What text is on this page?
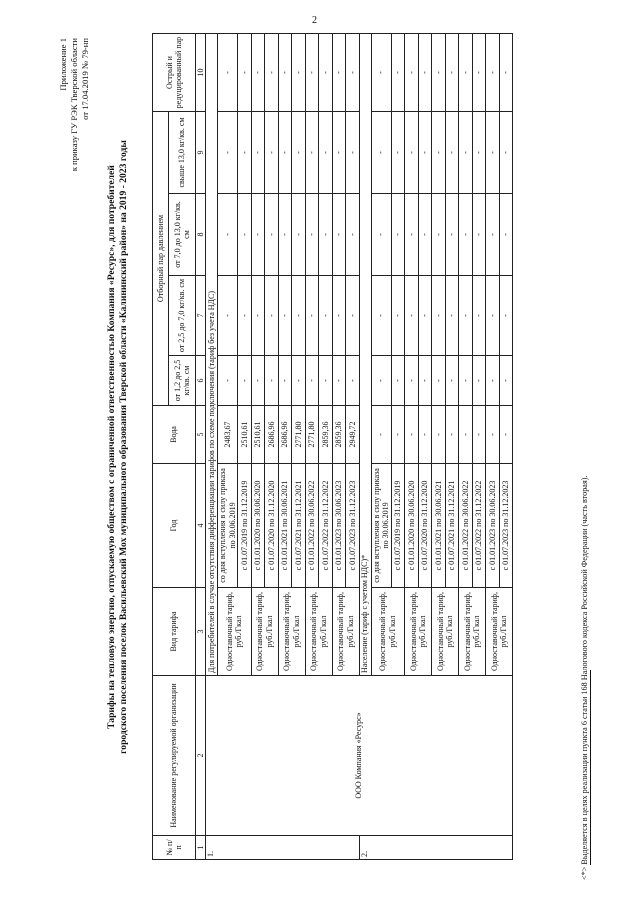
2
Приложение 1 к приказу ГУ РЭК Тверской области от 17.04.2019 № 79-нп
Тарифы на тепловую энергию, отпускаемую обществом с ограниченной ответственностью Компания «Ресурс», для потребителей городского поселения поселок Васильевский Мох муниципального образования Тверской области «Калининский район» на 2019 - 2023 годы
№ п/ п	Наименование регулируемой организации	Вид тарифа	Год	Вода	Отборный пар давлением				Острый и редуцированный пар
					от 1,2 до 2,5 кг/кв. см	от 2,5 до 7,0 кг/кв. см	от 7,0 до 13,0 кг/кв. см	свыше 13,0 кг/кв. см	
1	2	3	4	5	6	7	8	9	10
1.	ООО Компания «Ресурс»	Для потребителей в случае отсутствия дифференциации тарифов по схеме подключения (тариф без учета НДС)							
		Одноставочный тариф, руб./Гкал	со дня вступления в силу приказа по 30.06.2019	2483,67	-	-	-	-	-
			с 01.07.2019 по 31.12.2019	2510,61	-	-	-	-	-
		Одноставочный тариф, руб./Гкал	с 01.01.2020 по 30.06.2020	2510,61	-	-	-	-	-
			с 01.07.2020 по 31.12.2020	2686,96	-	-	-	-	-
		Одноставочный тариф, руб./Гкал	с 01.01.2021 по 30.06.2021	2686,96	-	-	-	-	-
			с 01.07.2021 по 31.12.2021	2771,80	-	-	-	-	-
		Одноставочный тариф, руб./Гкал	с 01.01.2022 по 30.06.2022	2771,80	-	-	-	-	-
			с 01.07.2022 по 31.12.2022	2859,36	-	-	-	-	-
		Одноставочный тариф, руб./Гкал	с 01.01.2023 по 30.06.2023	2859,36	-	-	-	-	-
			с 01.07.2023 по 31.12.2023	2949,72	-	-	-	-	-
2.		Население (тариф с учетом НДС)*							
		Одноставочный тариф, руб./Гкал	со дня вступления в силу приказа по 30.06.2019	-	-	-	-	-	-
			с 01.07.2019 по 31.12.2019	-	-	-	-	-	-
		Одноставочный тариф, руб./Гкал	с 01.01.2020 по 30.06.2020	-	-	-	-	-	-
			с 01.07.2020 по 31.12.2020	-	-	-	-	-	-
		Одноставочный тариф, руб./Гкал	с 01.01.2021 по 30.06.2021	-	-	-	-	-	-
			с 01.07.2021 по 31.12.2021	-	-	-	-	-	-
		Одноставочный тариф, руб./Гкал	с 01.01.2022 по 30.06.2022	-	-	-	-	-	-
			с 01.07.2022 по 31.12.2022	-	-	-	-	-	-
		Одноставочный тариф, руб./Гкал	с 01.01.2023 по 30.06.2023	-	-	-	-	-	-
			с 01.07.2023 по 31.12.2023	-	-	-	-	-	-
<*> Выделяется в целях реализации пункта 6 статьи 168 Налогового кодекса Российской Федерации (часть вторая).
